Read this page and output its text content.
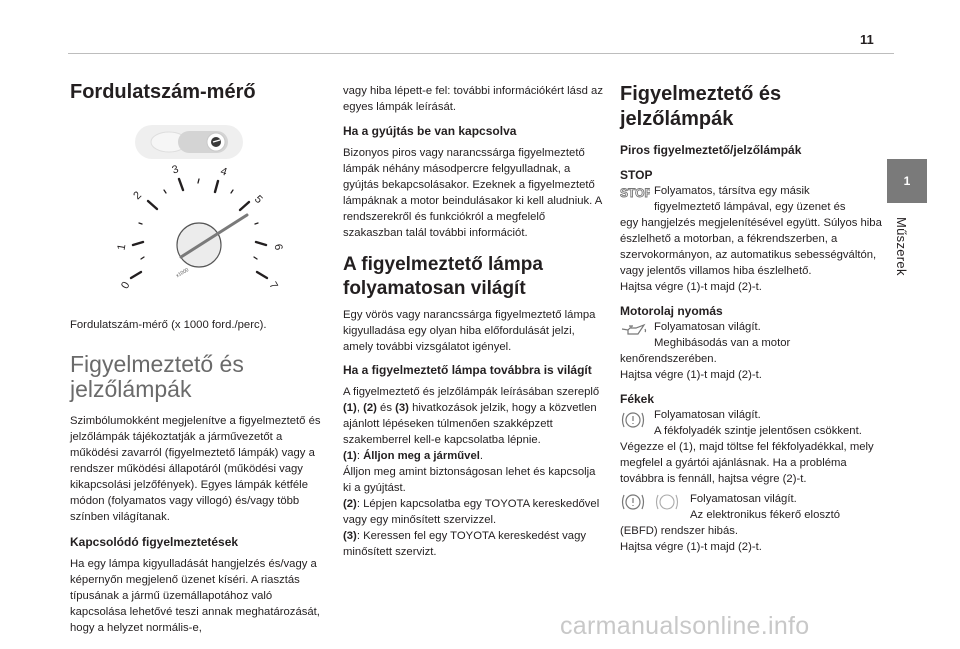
11
1
Műszerek
Fordulatszám-mérő
0
1
2
3	4
5
6
7
x1000

Fordulatszám-mérő (x 1000 ford./perc).

Figyelmeztető és
jelzőlámpák

Szimbólumokként megjelenítve a figyelmeztető és jelzőlámpák tájékoztatják a járművezetőt a működési zavarról (figyelmeztető lámpák) vagy a rendszer működési állapotáról (működési vagy kikapcsolási jelzőfények). Egyes lámpák kétféle módon (folyamatos vagy villogó) és/vagy több színben világítanak.

Kapcsolódó figyelmeztetések

Ha egy lámpa kigyulladását hangjelzés és/vagy a képernyőn megjelenő üzenet kíséri. A riasztás típusának a jármű üzemállapotához való kapcsolása lehetővé teszi annak meghatározását, hogy a helyzet normális-e,

vagy hiba lépett-e fel: további információkért lásd az egyes lámpák leírását.

Ha a gyújtás be van kapcsolva

Bizonyos piros vagy narancssárga figyelmeztető lámpák néhány másodpercre felgyulladnak, a gyújtás bekapcsolásakor. Ezeknek a figyelmeztető lámpáknak a motor beindulásakor ki kell aludniuk. A rendszerekről és funkciókról a megfelelő szakaszban talál további információt.

A figyelmeztető lámpa
folyamatosan világít

Egy vörös vagy narancssárga figyelmeztető lámpa kigyulladása egy olyan hiba előfordulását jelzi, amely további vizsgálatot igényel.

Ha a figyelmeztető lámpa továbbra is világít

A figyelmeztető és jelzőlámpák leírásában szereplő (1), (2) és (3) hivatkozások jelzik, hogy a közvetlen ajánlott lépéseken túlmenően szakképzett szakemberrel kell-e kapcsolatba lépnie.

(1): Álljon meg a járművel.

Álljon meg amint biztonságosan lehet és kapcsolja ki a gyújtást.

(2): Lépjen kapcsolatba egy TOYOTA kereskedővel vagy egy minősített szervizzel.

(3): Keressen fel egy TOYOTA kereskedést vagy minősített szervizt.

Figyelmeztető és
jelzőlámpák
Piros figyelmeztető/jelzőlámpák
STOP
STOP Folyamatos, társítva egy másik

figyelmeztető lámpával, egy üzenet és

egy hangjelzés megjelenítésével együtt. Súlyos hiba észlelhető a motorban, a fékrendszerben, a szervokormányon, az automatikus sebességváltón, vagy jelentős villamos hiba észlelhető.

Hajtsa végre (1)-t majd (2)-t.

Motorolaj nyomás

Folyamatosan világít.

Meghibásodás van a motor

kenőrendszerében.

Hajtsa végre (1)-t majd (2)-t.

Fékek

Folyamatosan világít.

A fékfolyadék szintje jelentősen csökkent.

Végezze el (1), majd töltse fel fékfolyadékkal, mely megfelel a gyártói ajánlásnak. Ha a probléma továbbra is fennáll, hajtsa végre (2)-t.

Folyamatosan világít.

Az elektronikus fékerő elosztó

(EBFD) rendszer hibás.

Hajtsa végre (1)-t majd (2)-t.

carmanualsonline.info
